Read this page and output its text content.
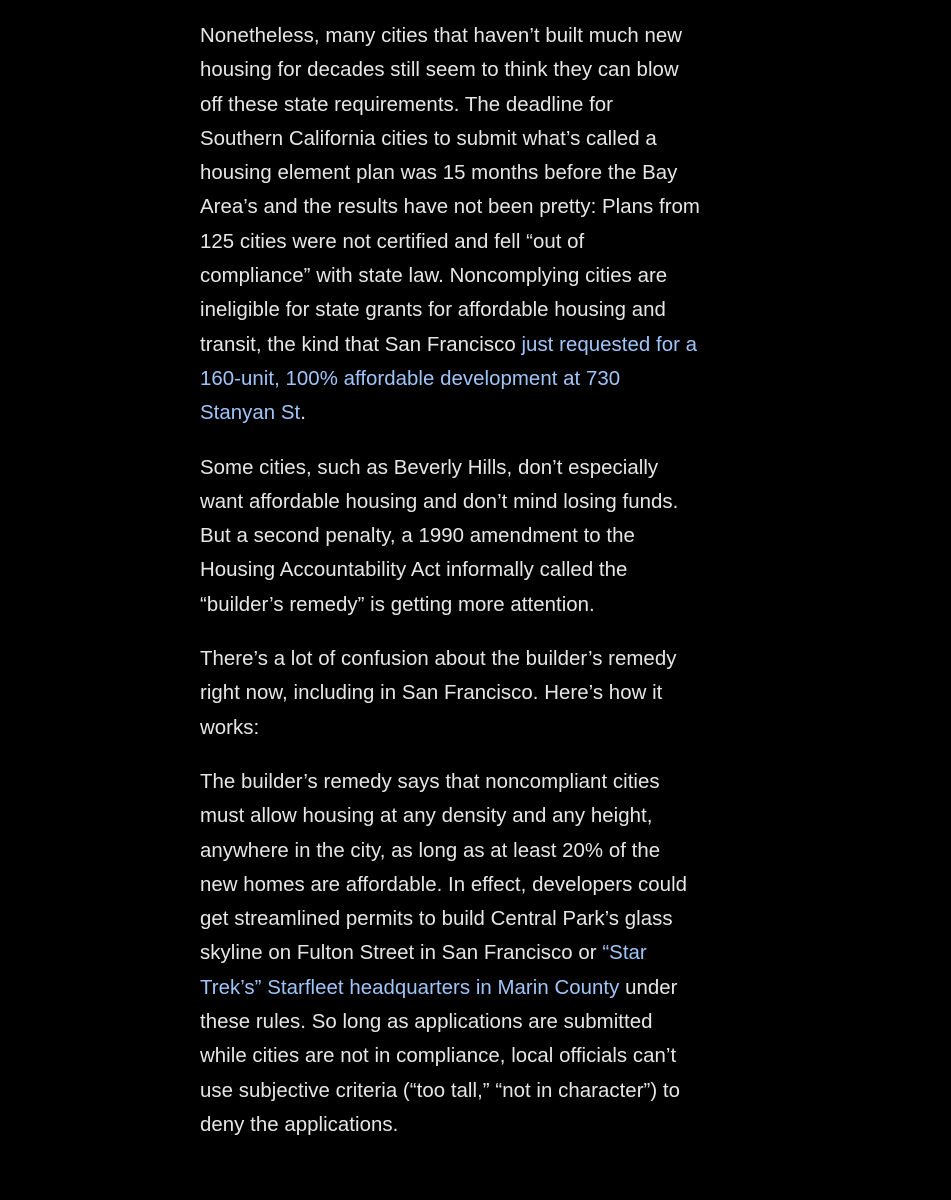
Nonetheless, many cities that haven’t built much new housing for decades still seem to think they can blow off these state requirements. The deadline for Southern California cities to submit what’s called a housing element plan was 15 months before the Bay Area’s and the results have not been pretty: Plans from 125 cities were not certified and fell “out of compliance” with state law. Noncomplying cities are ineligible for state grants for affordable housing and transit, the kind that San Francisco just requested for a 160-unit, 100% affordable development at 730 Stanyan St.

Some cities, such as Beverly Hills, don’t especially want affordable housing and don’t mind losing funds. But a second penalty, a 1990 amendment to the Housing Accountability Act informally called the “builder’s remedy” is getting more attention.

There’s a lot of confusion about the builder’s remedy right now, including in San Francisco. Here’s how it works:

The builder’s remedy says that noncompliant cities must allow housing at any density and any height, anywhere in the city, as long as at least 20% of the new homes are affordable. In effect, developers could get streamlined permits to build Central Park’s glass skyline on Fulton Street in San Francisco or “Star Trek’s” Starfleet headquarters in Marin County under these rules. So long as applications are submitted while cities are not in compliance, local officials can’t use subjective criteria (“too tall,” “not in character”) to deny the applications.
